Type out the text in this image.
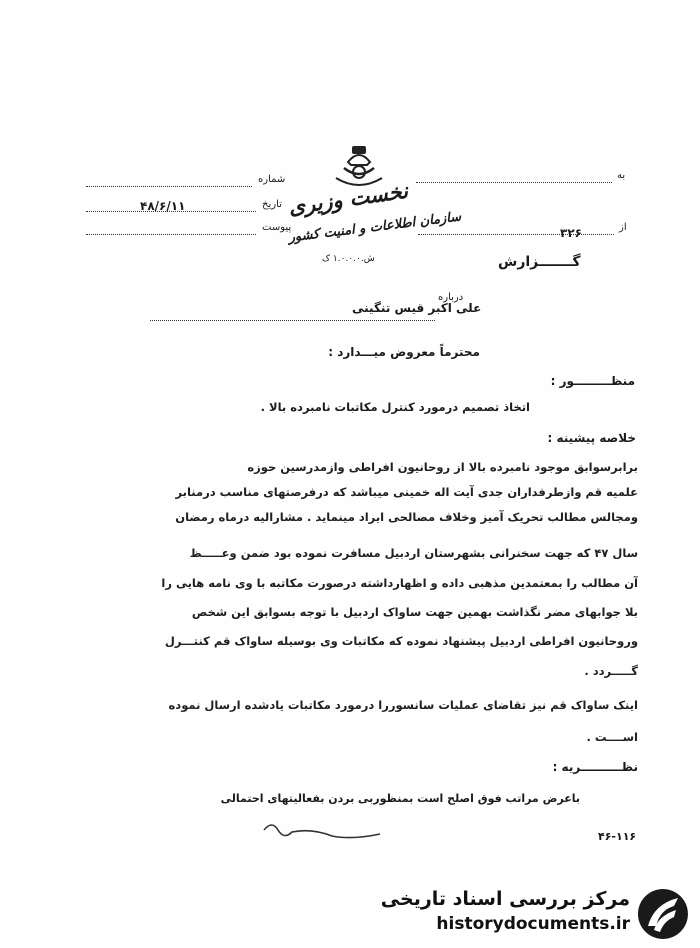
نخست وزیری
سازمان اطلاعات و امنیت کشور
ش.۱.۰.۰.۰ ک
شماره
تاریخ
۴۸/۶/۱۱
پیوست
به
از
۳۲۶
گـــــــزارش
درباره
علی اکبر قیس تنگینی
محترماً معروض میـــدارد :
منظـــــــــور :
اتخاذ تصمیم درمورد کنترل مکاتبات نامبرده بالا .
خلاصه پیشینه :
برابرسوابق موجود نامبرده بالا از روحانیون افراطی وازمدرسین حوزه
علمیه قم وازطرفداران جدی آیت اله خمینی میباشد که درفرصتهای مناسب درمنابر
ومجالس مطالب تحریک آمیز وخلاف مصالحی ایراد مینماید . مشارالیه درماه رمضان
سال ۴۷ که جهت سخنرانی بشهرستان اردبیل مسافرت نموده بود ضمن وعـــــظ
آن مطالب را بمعتمدین مذهبی داده و اظهارداشته درصورت مکاتبه با وی نامه هایی را
بلا جوابهای مضر نگذاشت بهمین جهت ساواک اردبیل با توجه بسوابق این شخص
وروحانیون افراطی اردبیل پیشنهاد نموده که مکاتبات وی بوسیله ساواک قم کنتـــرل
گـــــردد .
اینک ساواک قم نیز تقاضای عملیات سانسوررا درمورد مکاتبات یادشده ارسال نموده
اســــت .
نظــــــــــریه :
باعرض مراتب فوق اصلح است بمنظوربی بردن بفعالیتهای احتمالی
۴۶-۱۱۶
مرکز بررسی اسناد تاریخی
historydocuments.ir
